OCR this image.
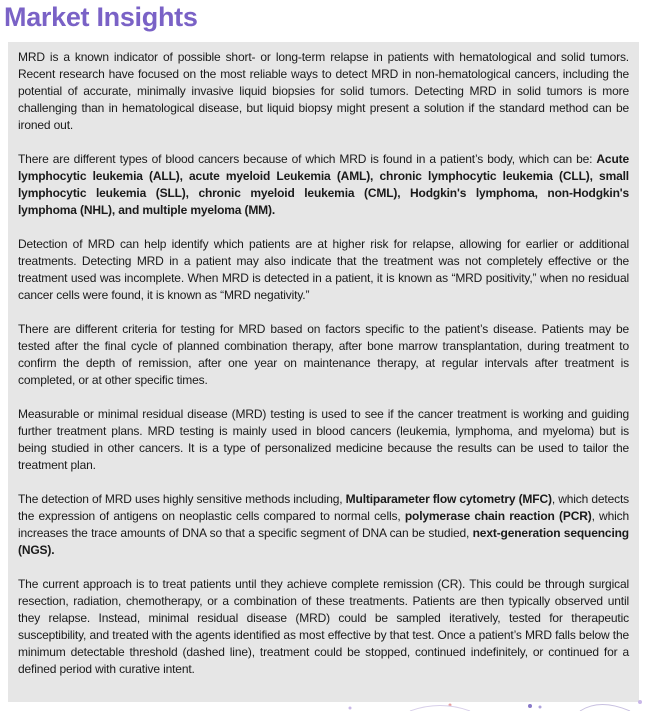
Market Insights

MRD is a known indicator of possible short- or long-term relapse in patients with hematological and solid tumors. Recent research have focused on the most reliable ways to detect MRD in non-hematological cancers, including the potential of accurate, minimally invasive liquid biopsies for solid tumors. Detecting MRD in solid tumors is more challenging than in hematological disease, but liquid biopsy might present a solution if the standard method can be ironed out.

There are different types of blood cancers because of which MRD is found in a patient’s body, which can be: Acute lymphocytic leukemia (ALL), acute myeloid Leukemia (AML), chronic lymphocytic leukemia (CLL), small lymphocytic leukemia (SLL), chronic myeloid leukemia (CML), Hodgkin's lymphoma, non-Hodgkin's lymphoma (NHL), and multiple myeloma (MM).

Detection of MRD can help identify which patients are at higher risk for relapse, allowing for earlier or additional treatments. Detecting MRD in a patient may also indicate that the treatment was not completely effective or the treatment used was incomplete. When MRD is detected in a patient, it is known as “MRD positivity,” when no residual cancer cells were found, it is known as “MRD negativity.”

There are different criteria for testing for MRD based on factors specific to the patient’s disease. Patients may be tested after the final cycle of planned combination therapy, after bone marrow transplantation, during treatment to confirm the depth of remission, after one year on maintenance therapy, at regular intervals after treatment is completed, or at other specific times.

Measurable or minimal residual disease (MRD) testing is used to see if the cancer treatment is working and guiding further treatment plans. MRD testing is mainly used in blood cancers (leukemia, lymphoma, and myeloma) but is being studied in other cancers. It is a type of personalized medicine because the results can be used to tailor the treatment plan.

The detection of MRD uses highly sensitive methods including, Multiparameter flow cytometry (MFC), which detects the expression of antigens on neoplastic cells compared to normal cells, polymerase chain reaction (PCR), which increases the trace amounts of DNA so that a specific segment of DNA can be studied, next-generation sequencing (NGS).

The current approach is to treat patients until they achieve complete remission (CR). This could be through surgical resection, radiation, chemotherapy, or a combination of these treatments. Patients are then typically observed until they relapse. Instead, minimal residual disease (MRD) could be sampled iteratively, tested for therapeutic susceptibility, and treated with the agents identified as most effective by that test. Once a patient’s MRD falls below the minimum detectable threshold (dashed line), treatment could be stopped, continued indefinitely, or continued for a defined period with curative intent.
